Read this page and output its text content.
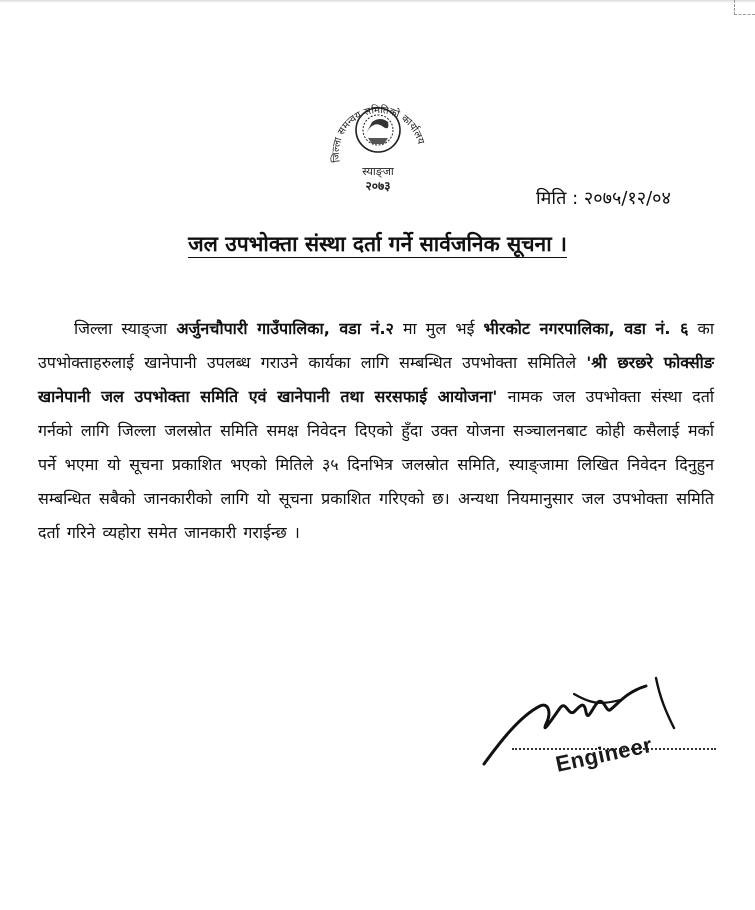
जिल्ला समन्वय समितिको कार्यालय
स्याङ्जा
२०७३
मिति : २०७५/१२/०४
जल उपभोक्ता संस्था दर्ता गर्ने सार्वजनिक सूचना ।

जिल्ला स्याङ्जा अर्जुनचौपारी गाउँपालिका, वडा नं.२ मा मुल भई भीरकोट नगरपालिका, वडा नं. ६ का उपभोक्ताहरुलाई खानेपानी उपलब्ध गराउने कार्यका लागि सम्बन्धित उपभोक्ता समितिले 'श्री छरछरे फोक्सीङ खानेपानी जल उपभोक्ता समिति एवं खानेपानी तथा सरसफाई आयोजना' नामक जल उपभोक्ता संस्था दर्ता गर्नको लागि जिल्ला जलस्रोत समिति समक्ष निवेदन दिएको हुँदा उक्त योजना सञ्चालनबाट कोही कसैलाई मर्का पर्ने भएमा यो सूचना प्रकाशित भएको मितिले ३५ दिनभित्र जलस्रोत समिति, स्याङ्जामा लिखित निवेदन दिनुहुन सम्बन्धित सबैको जानकारीको लागि यो सूचना प्रकाशित गरिएको छ। अन्यथा नियमानुसार जल उपभोक्ता समिति दर्ता गरिने व्यहोरा समेत जानकारी गराईन्छ ।

Engineer
